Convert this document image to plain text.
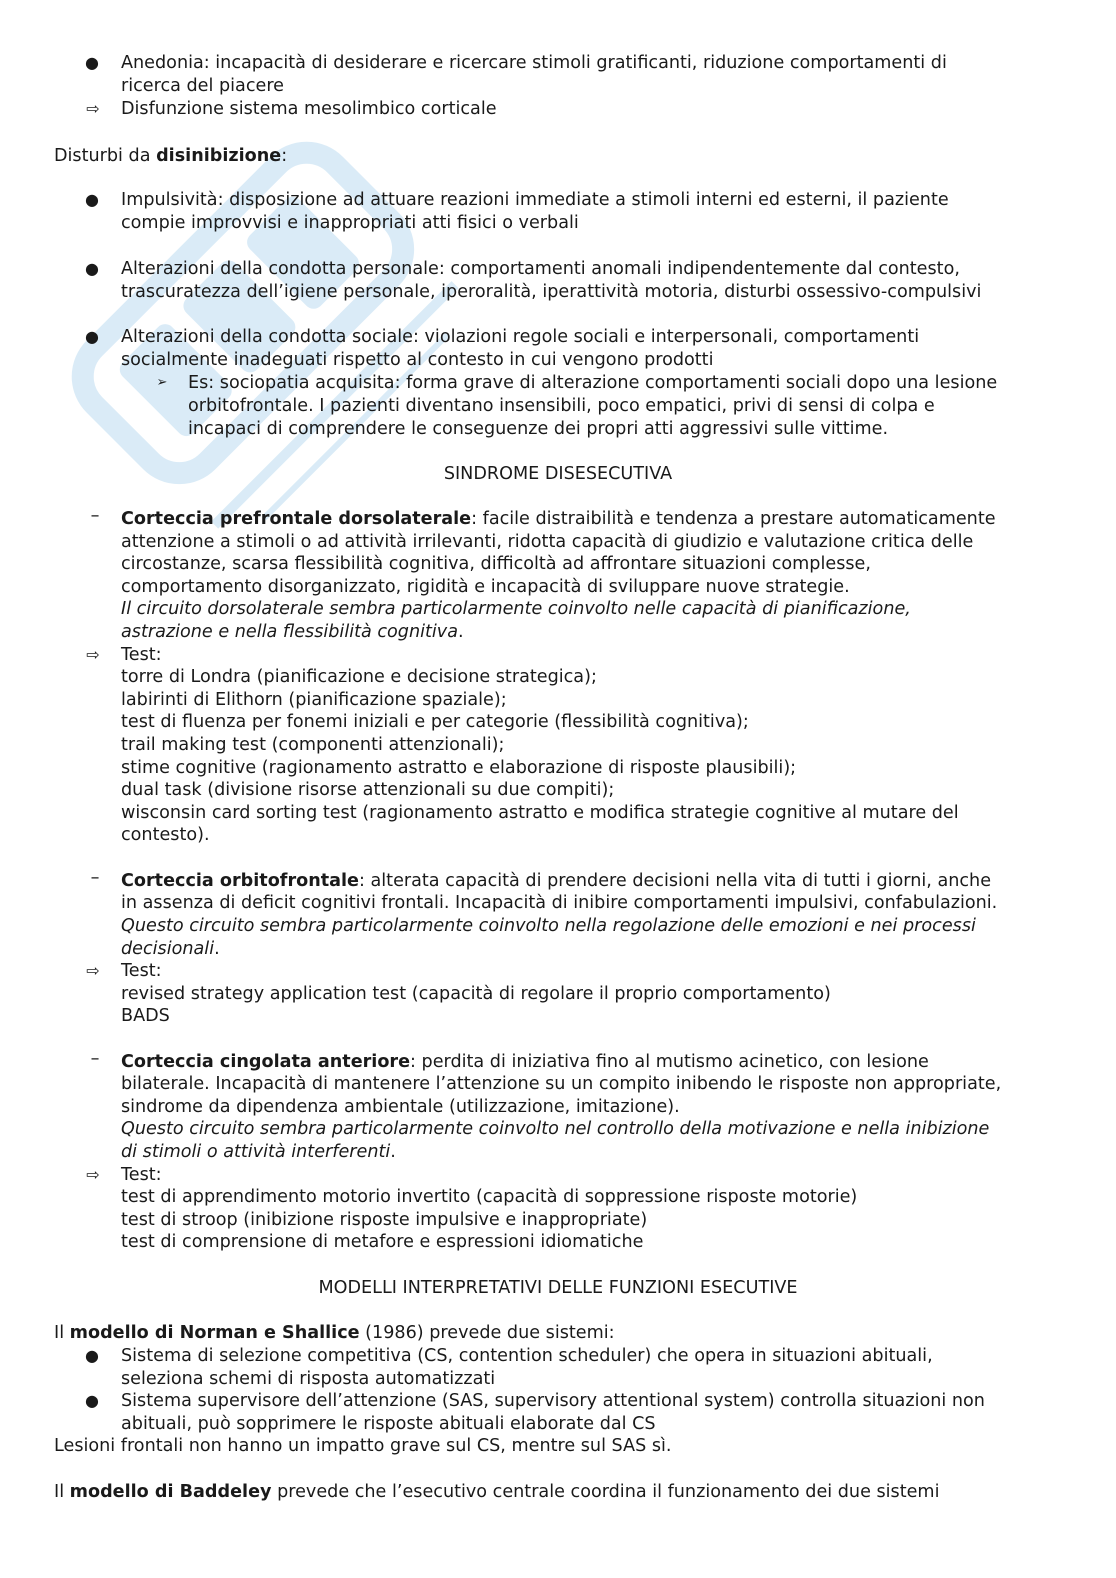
●	Anedonia: incapacità di desiderare e ricercare stimoli gratificanti, riduzione comportamenti di
ricerca del piacere
⇨	Disfunzione sistema mesolimbico corticale
Disturbi da disinibizione:
●	Impulsività: disposizione ad attuare reazioni immediate a stimoli interni ed esterni, il paziente
compie improvvisi e inappropriati atti fisici o verbali
●	Alterazioni della condotta personale: comportamenti anomali indipendentemente dal contesto,
trascuratezza dell’igiene personale, iperoralità, iperattività motoria, disturbi ossessivo-compulsivi
●	Alterazioni della condotta sociale: violazioni regole sociali e interpersonali, comportamenti
socialmente inadeguati rispetto al contesto in cui vengono prodotti
➢	Es: sociopatia acquisita: forma grave di alterazione comportamenti sociali dopo una lesione
orbitofrontale. I pazienti diventano insensibili, poco empatici, privi di sensi di colpa e
incapaci di comprendere le conseguenze dei propri atti aggressivi sulle vittime.
SINDROME DISESECUTIVA
–	Corteccia prefrontale dorsolaterale: facile distraibilità e tendenza a prestare automaticamente
attenzione a stimoli o ad attività irrilevanti, ridotta capacità di giudizio e valutazione critica delle
circostanze, scarsa flessibilità cognitiva, difficoltà ad affrontare situazioni complesse,
comportamento disorganizzato, rigidità e incapacità di sviluppare nuove strategie.
Il circuito dorsolaterale sembra particolarmente coinvolto nelle capacità di pianificazione,
astrazione e nella flessibilità cognitiva.
⇨	Test:
torre di Londra (pianificazione e decisione strategica);
labirinti di Elithorn (pianificazione spaziale);
test di fluenza per fonemi iniziali e per categorie (flessibilità cognitiva);
trail making test (componenti attenzionali);
stime cognitive (ragionamento astratto e elaborazione di risposte plausibili);
dual task (divisione risorse attenzionali su due compiti);
wisconsin card sorting test (ragionamento astratto e modifica strategie cognitive al mutare del
contesto).
–	Corteccia orbitofrontale: alterata capacità di prendere decisioni nella vita di tutti i giorni, anche
in assenza di deficit cognitivi frontali. Incapacità di inibire comportamenti impulsivi, confabulazioni.
Questo circuito sembra particolarmente coinvolto nella regolazione delle emozioni e nei processi
decisionali.
⇨	Test:
revised strategy application test (capacità di regolare il proprio comportamento)
BADS
–	Corteccia cingolata anteriore: perdita di iniziativa fino al mutismo acinetico, con lesione
bilaterale. Incapacità di mantenere l’attenzione su un compito inibendo le risposte non appropriate,
sindrome da dipendenza ambientale (utilizzazione, imitazione).
Questo circuito sembra particolarmente coinvolto nel controllo della motivazione e nella inibizione
di stimoli o attività interferenti.
⇨	Test:
test di apprendimento motorio invertito (capacità di soppressione risposte motorie)
test di stroop (inibizione risposte impulsive e inappropriate)
test di comprensione di metafore e espressioni idiomatiche
MODELLI INTERPRETATIVI DELLE FUNZIONI ESECUTIVE
Il modello di Norman e Shallice (1986) prevede due sistemi:
●	Sistema di selezione competitiva (CS, contention scheduler) che opera in situazioni abituali,
seleziona schemi di risposta automatizzati
●	Sistema supervisore dell’attenzione (SAS, supervisory attentional system) controlla situazioni non
abituali, può sopprimere le risposte abituali elaborate dal CS
Lesioni frontali non hanno un impatto grave sul CS, mentre sul SAS sì.
Il modello di Baddeley prevede che l’esecutivo centrale coordina il funzionamento dei due sistemi
